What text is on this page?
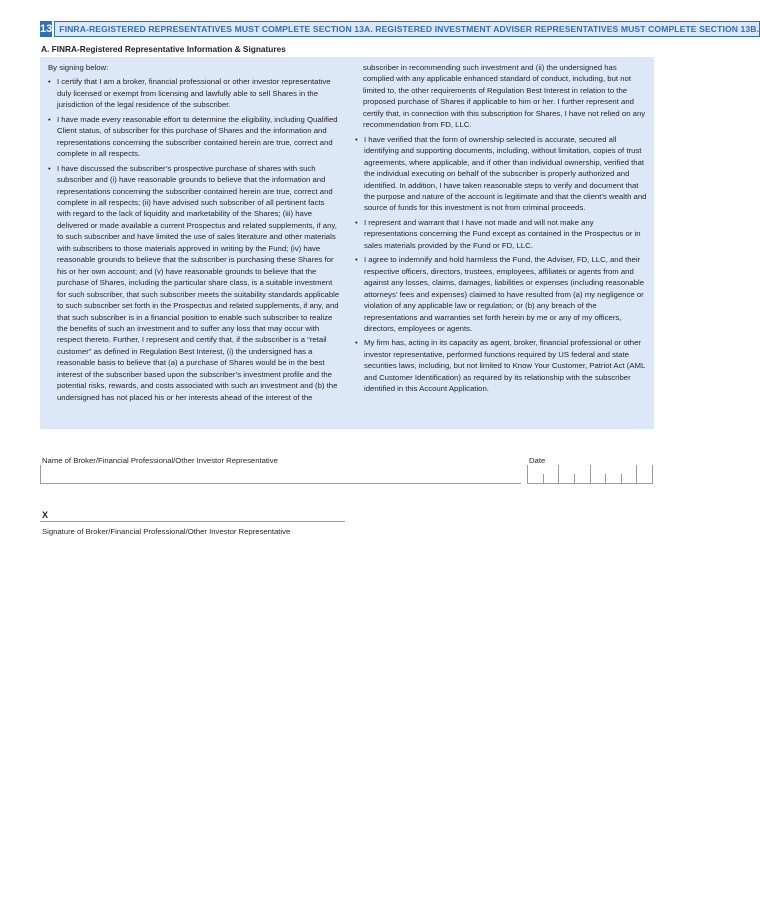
13 FINRA-REGISTERED REPRESENTATIVES MUST COMPLETE SECTION 13A. REGISTERED INVESTMENT ADVISER REPRESENTATIVES MUST COMPLETE SECTION 13B.
A. FINRA-Registered Representative Information & Signatures

By signing below:

• I certify that I am a broker, financial professional or other investor representative duly licensed or exempt from licensing and lawfully able to sell Shares in the jurisdiction of the legal residence of the subscriber.
• I have made every reasonable effort to determine the eligibility, including Qualified Client status, of subscriber for this purchase of Shares and the information and representations concerning the subscriber contained herein are true, correct and complete in all respects.
• I have discussed the subscriber’s prospective purchase of shares with such subscriber and (i) have reasonable grounds to believe that the information and representations concerning the subscriber contained herein are true, correct and complete in all respects; (ii) have advised such subscriber of all pertinent facts with regard to the lack of liquidity and marketability of the Shares; (iii) have delivered or made available a current Prospectus and related supplements, if any, to such subscriber and have limited the use of sales literature and other materials with subscribers to those materials approved in writing by the Fund; (iv) have reasonable grounds to believe that the subscriber is purchasing these Shares for his or her own account; and (v) have reasonable grounds to believe that the purchase of Shares, including the particular share class, is a suitable investment for such subscriber, that such subscriber meets the suitability standards applicable to such subscriber set forth in the Prospectus and related supplements, if any, and that such subscriber is in a financial position to enable such subscriber to realize the benefits of such an investment and to suffer any loss that may occur with respect thereto. Further, I represent and certify that, if the subscriber is a “retail customer” as defined in Regulation Best Interest, (i) the undersigned has a reasonable basis to believe that (a) a purchase of Shares would be in the best interest of the subscriber based upon the subscriber’s investment profile and the potential risks, rewards, and costs associated with such an investment and (b) the undersigned has not placed his or her interests ahead of the interest of the

subscriber in recommending such investment and (ii) the undersigned has complied with any applicable enhanced standard of conduct, including, but not limited to, the other requirements of Regulation Best Interest in relation to the proposed purchase of Shares if applicable to him or her. I further represent and certify that, in connection with this subscription for Shares, I have not relied on any recommendation from FD, LLC.

• I have verified that the form of ownership selected is accurate, secured all identifying and supporting documents, including, without limitation, copies of trust agreements, where applicable, and if other than individual ownership, verified that the individual executing on behalf of the subscriber is properly authorized and identified. In addition, I have taken reasonable steps to verify and document that the purpose and nature of the account is legitimate and that the client’s wealth and source of funds for this investment is not from criminal proceeds.
• I represent and warrant that I have not made and will not make any representations concerning the Fund except as contained in the Prospectus or in sales materials provided by the Fund or FD, LLC.
• I agree to indemnify and hold harmless the Fund, the Adviser, FD, LLC, and their respective officers, directors, trustees, employees, affiliates or agents from and against any losses, claims, damages, liabilities or expenses (including reasonable attorneys’ fees and expenses) claimed to have resulted from (a) my negligence or violation of any applicable law or regulation; or (b) any breach of the representations and warranties set forth herein by me or any of my officers, directors, employees or agents.
• My firm has, acting in its capacity as agent, broker, financial professional or other investor representative, performed functions required by US federal and state securities laws, including, but not limited to Know Your Customer, Patriot Act (AML and Customer Identification) as required by its relationship with the subscriber identified in this Account Application.
Name of Broker/Financial Professional/Other Investor Representative	Date
X
Signature of Broker/Financial Professional/Other Investor Representative
